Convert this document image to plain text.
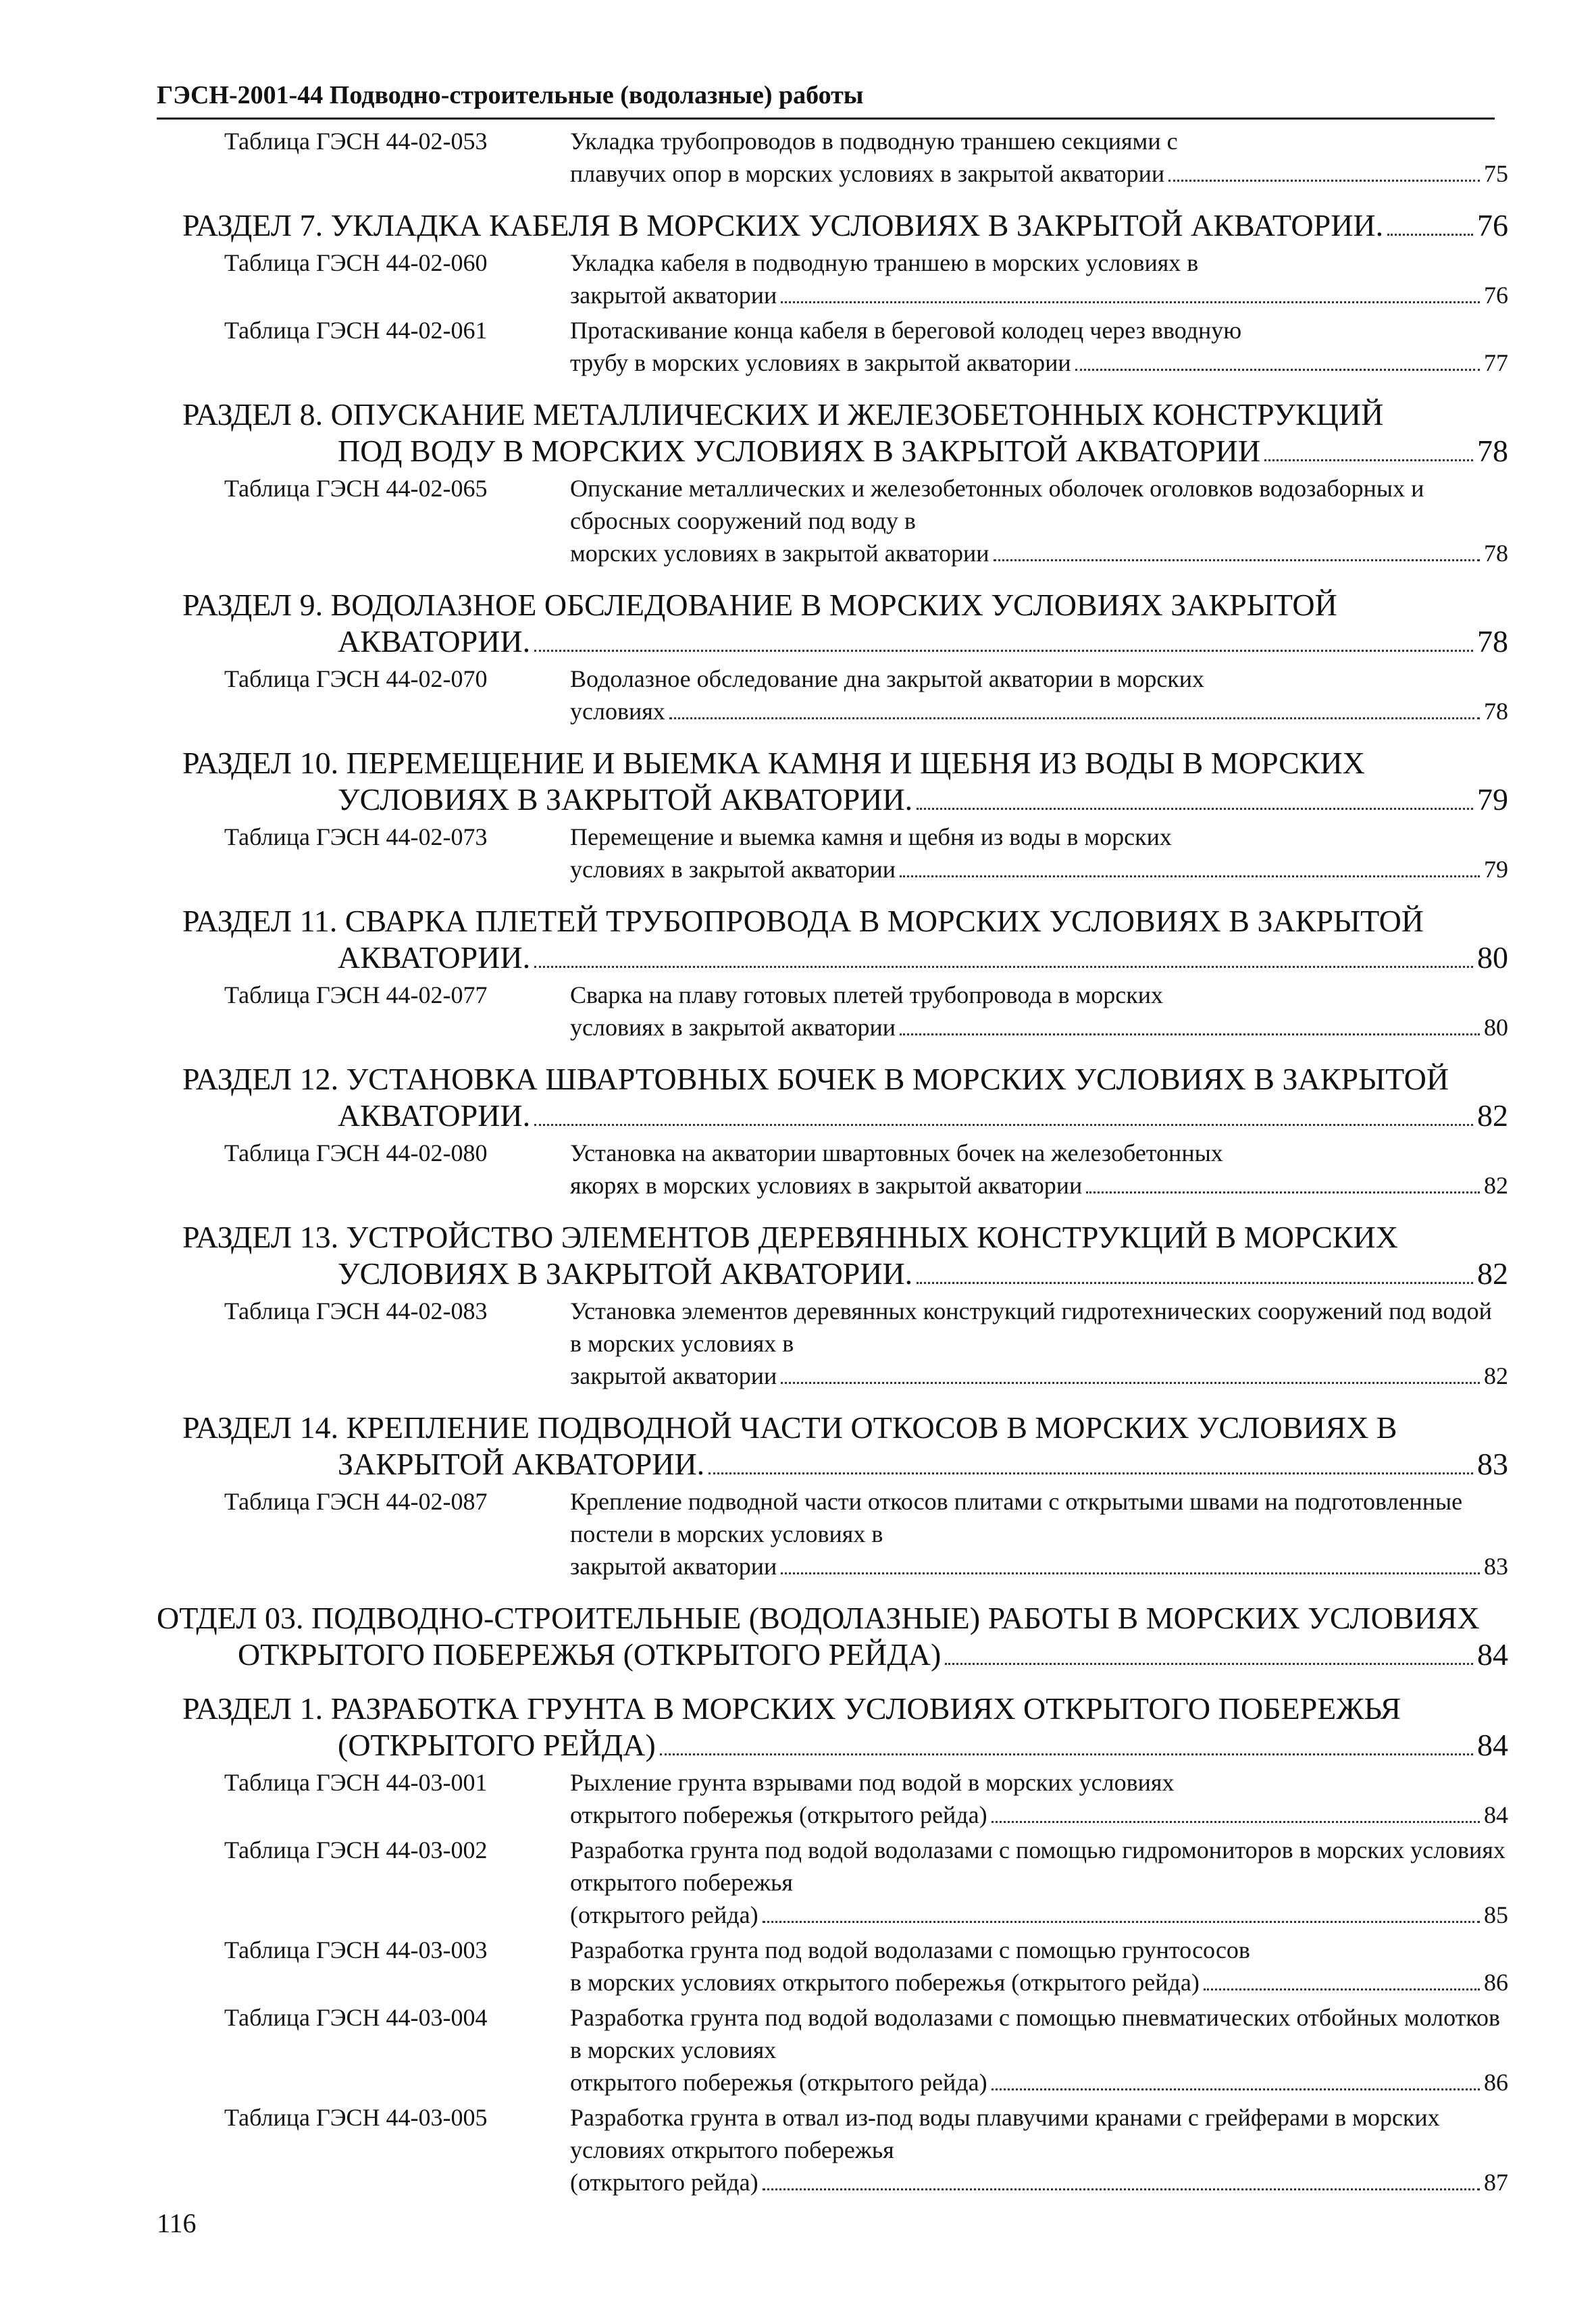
ГЭСН-2001-44 Подводно-строительные (водолазные) работы
Таблица ГЭСН 44-02-053	Укладка трубопроводов в подводную траншею секциями с
плавучих опор в морских условиях в закрытой акватории	75
РАЗДЕЛ 7. УКЛАДКА КАБЕЛЯ В МОРСКИХ УСЛОВИЯХ В ЗАКРЫТОЙ АКВАТОРИИ.	76
Таблица ГЭСН 44-02-060	Укладка кабеля в подводную траншею в морских условиях в
закрытой акватории	76
Таблица ГЭСН 44-02-061	Протаскивание конца кабеля в береговой колодец через вводную
трубу в морских условиях в закрытой акватории	77
РАЗДЕЛ 8. ОПУСКАНИЕ МЕТАЛЛИЧЕСКИХ И ЖЕЛЕЗОБЕТОННЫХ КОНСТРУКЦИЙ
ПОД ВОДУ В МОРСКИХ УСЛОВИЯХ В ЗАКРЫТОЙ АКВАТОРИИ	78
Таблица ГЭСН 44-02-065	Опускание металлических и железобетонных оболочек оголовков водозаборных и сбросных сооружений под воду в
морских условиях в закрытой акватории	78
РАЗДЕЛ 9. ВОДОЛАЗНОЕ ОБСЛЕДОВАНИЕ В МОРСКИХ УСЛОВИЯХ ЗАКРЫТОЙ
АКВАТОРИИ.	78
Таблица ГЭСН 44-02-070	Водолазное обследование дна закрытой акватории в морских
условиях	78
РАЗДЕЛ 10. ПЕРЕМЕЩЕНИЕ И ВЫЕМКА КАМНЯ И ЩЕБНЯ ИЗ ВОДЫ В МОРСКИХ
УСЛОВИЯХ В ЗАКРЫТОЙ АКВАТОРИИ.	79
Таблица ГЭСН 44-02-073	Перемещение и выемка камня и щебня из воды в морских
условиях в закрытой акватории	79
РАЗДЕЛ 11. СВАРКА ПЛЕТЕЙ ТРУБОПРОВОДА В МОРСКИХ УСЛОВИЯХ В ЗАКРЫТОЙ
АКВАТОРИИ.	80
Таблица ГЭСН 44-02-077	Сварка на плаву готовых плетей трубопровода в морских
условиях в закрытой акватории	80
РАЗДЕЛ 12. УСТАНОВКА ШВАРТОВНЫХ БОЧЕК В МОРСКИХ УСЛОВИЯХ В ЗАКРЫТОЙ
АКВАТОРИИ.	82
Таблица ГЭСН 44-02-080	Установка на акватории швартовных бочек на железобетонных
якорях в морских условиях в закрытой акватории	82
РАЗДЕЛ 13. УСТРОЙСТВО ЭЛЕМЕНТОВ ДЕРЕВЯННЫХ КОНСТРУКЦИЙ В МОРСКИХ
УСЛОВИЯХ В ЗАКРЫТОЙ АКВАТОРИИ.	82
Таблица ГЭСН 44-02-083	Установка элементов деревянных конструкций гидротехнических сооружений под водой в морских условиях в
закрытой акватории	82
РАЗДЕЛ 14. КРЕПЛЕНИЕ ПОДВОДНОЙ ЧАСТИ ОТКОСОВ В МОРСКИХ УСЛОВИЯХ В
ЗАКРЫТОЙ АКВАТОРИИ.	83
Таблица ГЭСН 44-02-087	Крепление подводной части откосов плитами с открытыми швами на подготовленные постели в морских условиях в
закрытой акватории	83
ОТДЕЛ 03. ПОДВОДНО-СТРОИТЕЛЬНЫЕ (ВОДОЛАЗНЫЕ) РАБОТЫ В МОРСКИХ УСЛОВИЯХ
ОТКРЫТОГО ПОБЕРЕЖЬЯ (ОТКРЫТОГО РЕЙДА)	84
РАЗДЕЛ 1. РАЗРАБОТКА ГРУНТА В МОРСКИХ УСЛОВИЯХ ОТКРЫТОГО ПОБЕРЕЖЬЯ
(ОТКРЫТОГО РЕЙДА)	84
Таблица ГЭСН 44-03-001	Рыхление грунта взрывами под водой в морских условиях
открытого побережья (открытого рейда)	84
Таблица ГЭСН 44-03-002	Разработка грунта под водой водолазами с помощью гидромониторов в морских условиях открытого побережья
(открытого рейда)	85
Таблица ГЭСН 44-03-003	Разработка грунта под водой водолазами с помощью грунтососов
в морских условиях открытого побережья (открытого рейда)	86
Таблица ГЭСН 44-03-004	Разработка грунта под водой водолазами с помощью пневматических отбойных молотков в морских условиях
открытого побережья (открытого рейда)	86
Таблица ГЭСН 44-03-005	Разработка грунта в отвал из-под воды плавучими кранами с грейферами в морских условиях открытого побережья
(открытого рейда)	87
116
